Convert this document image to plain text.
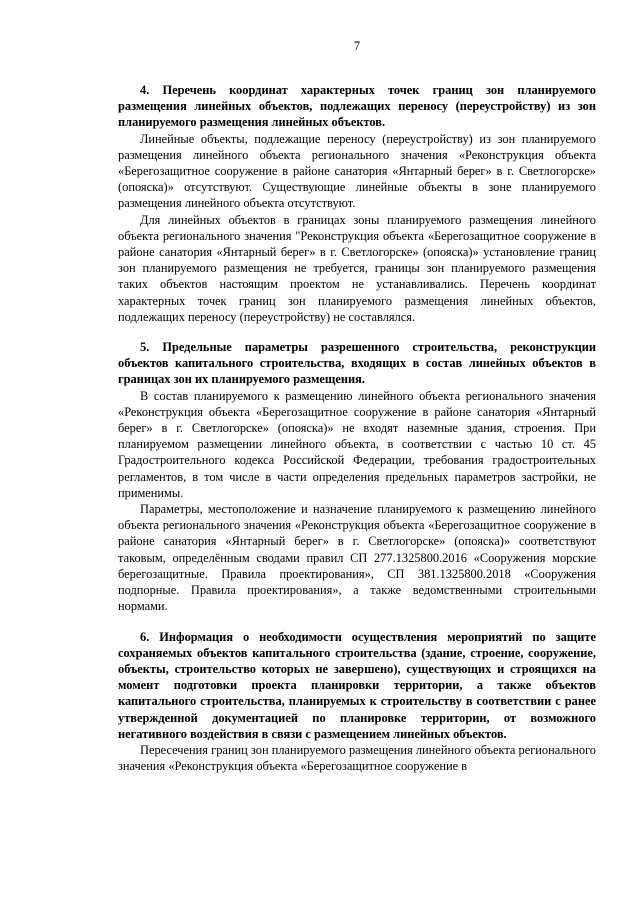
7
4. Перечень координат характерных точек границ зон планируемого размещения линейных объектов, подлежащих переносу (переустройству) из зон планируемого размещения линейных объектов.
Линейные объекты, подлежащие переносу (переустройству) из зон планируемого размещения линейного объекта регионального значения «Реконструкция объекта «Берегозащитное сооружение в районе санатория «Янтарный берег» в г. Светлогорске» (опояска)» отсутствуют. Существующие линейные объекты в зоне планируемого размещения линейного объекта отсутствуют.
Для линейных объектов в границах зоны планируемого размещения линейного объекта регионального значения "Реконструкция объекта «Берегозащитное сооружение в районе санатория «Янтарный берег» в г. Светлогорске» (опояска)» установление границ зон планируемого размещения не требуется, границы зон планируемого размещения таких объектов настоящим проектом не устанавливались. Перечень координат характерных точек границ зон планируемого размещения линейных объектов, подлежащих переносу (переустройству) не составлялся.
5. Предельные параметры разрешенного строительства, реконструкции объектов капитального строительства, входящих в состав линейных объектов в границах зон их планируемого размещения.
В состав планируемого к размещению линейного объекта регионального значения «Реконструкция объекта «Берегозащитное сооружение в районе санатория «Янтарный берег» в г. Светлогорске» (опояска)» не входят наземные здания, строения. При планируемом размещении линейного объекта, в соответствии с частью 10 ст. 45 Градостроительного кодекса Российской Федерации, требования градостроительных регламентов, в том числе в части определения предельных параметров застройки, не применимы.
Параметры, местоположение и назначение планируемого к размещению линейного объекта регионального значения «Реконструкция объекта «Берегозащитное сооружение в районе санатория «Янтарный берег» в г. Светлогорске» (опояска)» соответствуют таковым, определённым сводами правил СП 277.1325800.2016 «Сооружения морские берегозащитные. Правила проектирования», СП 381.1325800.2018 «Сооружения подпорные. Правила проектирования», а также ведомственными строительными нормами.
6. Информация о необходимости осуществления мероприятий по защите сохраняемых объектов капитального строительства (здание, строение, сооружение, объекты, строительство которых не завершено), существующих и строящихся на момент подготовки проекта планировки территории, а также объектов капитального строительства, планируемых к строительству в соответствии с ранее утвержденной документацией по планировке территории, от возможного негативного воздействия в связи с размещением линейных объектов.
Пересечения границ зон планируемого размещения линейного объекта регионального значения «Реконструкция объекта «Берегозащитное сооружение в
